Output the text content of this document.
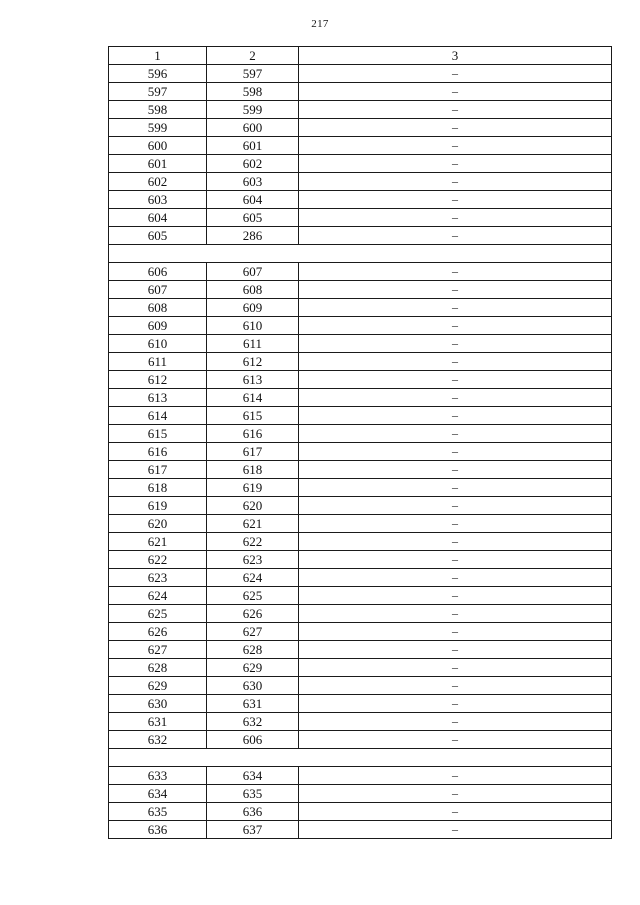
217
1	2	3
596	597	–
597	598	–
598	599	–
599	600	–
600	601	–
601	602	–
602	603	–
603	604	–
604	605	–
605	286	–

606	607	–
607	608	–
608	609	–
609	610	–
610	611	–
611	612	–
612	613	–
613	614	–
614	615	–
615	616	–
616	617	–
617	618	–
618	619	–
619	620	–
620	621	–
621	622	–
622	623	–
623	624	–
624	625	–
625	626	–
626	627	–
627	628	–
628	629	–
629	630	–
630	631	–
631	632	–
632	606	–

633	634	–
634	635	–
635	636	–
636	637	–
